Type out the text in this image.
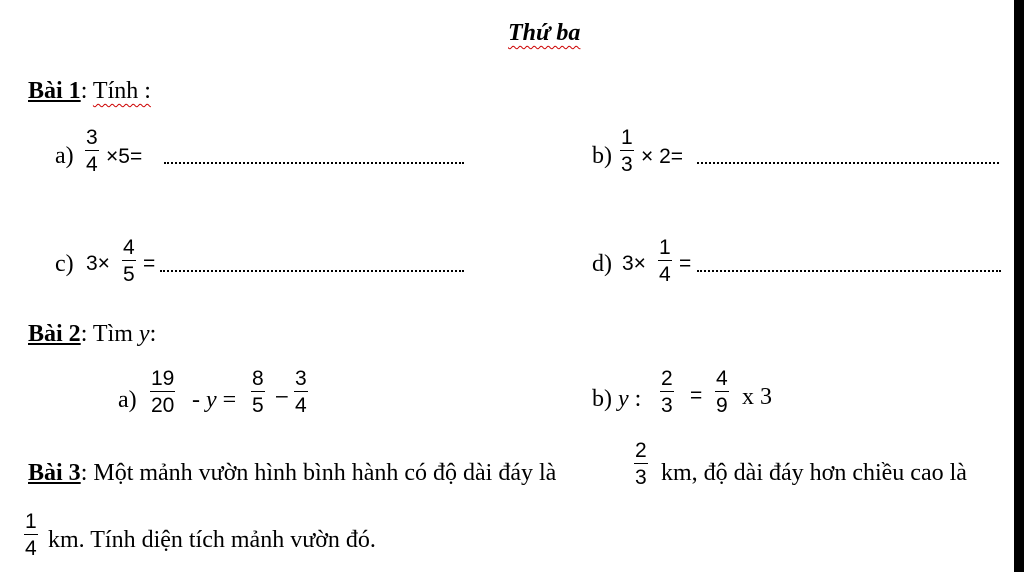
Thứ ba
Bài 1: Tính :
$a) \frac{3}{4} \times 5=$	$b) \frac{1}{3} \times 2=$
c) $3\times \frac{4}{5}$ =	d) $3\times \frac{1}{4}$ =
Bài 2: Tìm y:
$a) \frac{19}{20} - y = \frac{8}{5} - \frac{3}{4}$	b) y : $\frac{2}{3} = \frac{4}{9}$ x 3
Bài 3: Một mảnh vườn hình bình hành có độ dài đáy là	$\frac{2}{3}$ km, độ dài đáy hơn chiều cao là
$\frac{1}{4}$ km. Tính diện tích mảnh vườn đó.
